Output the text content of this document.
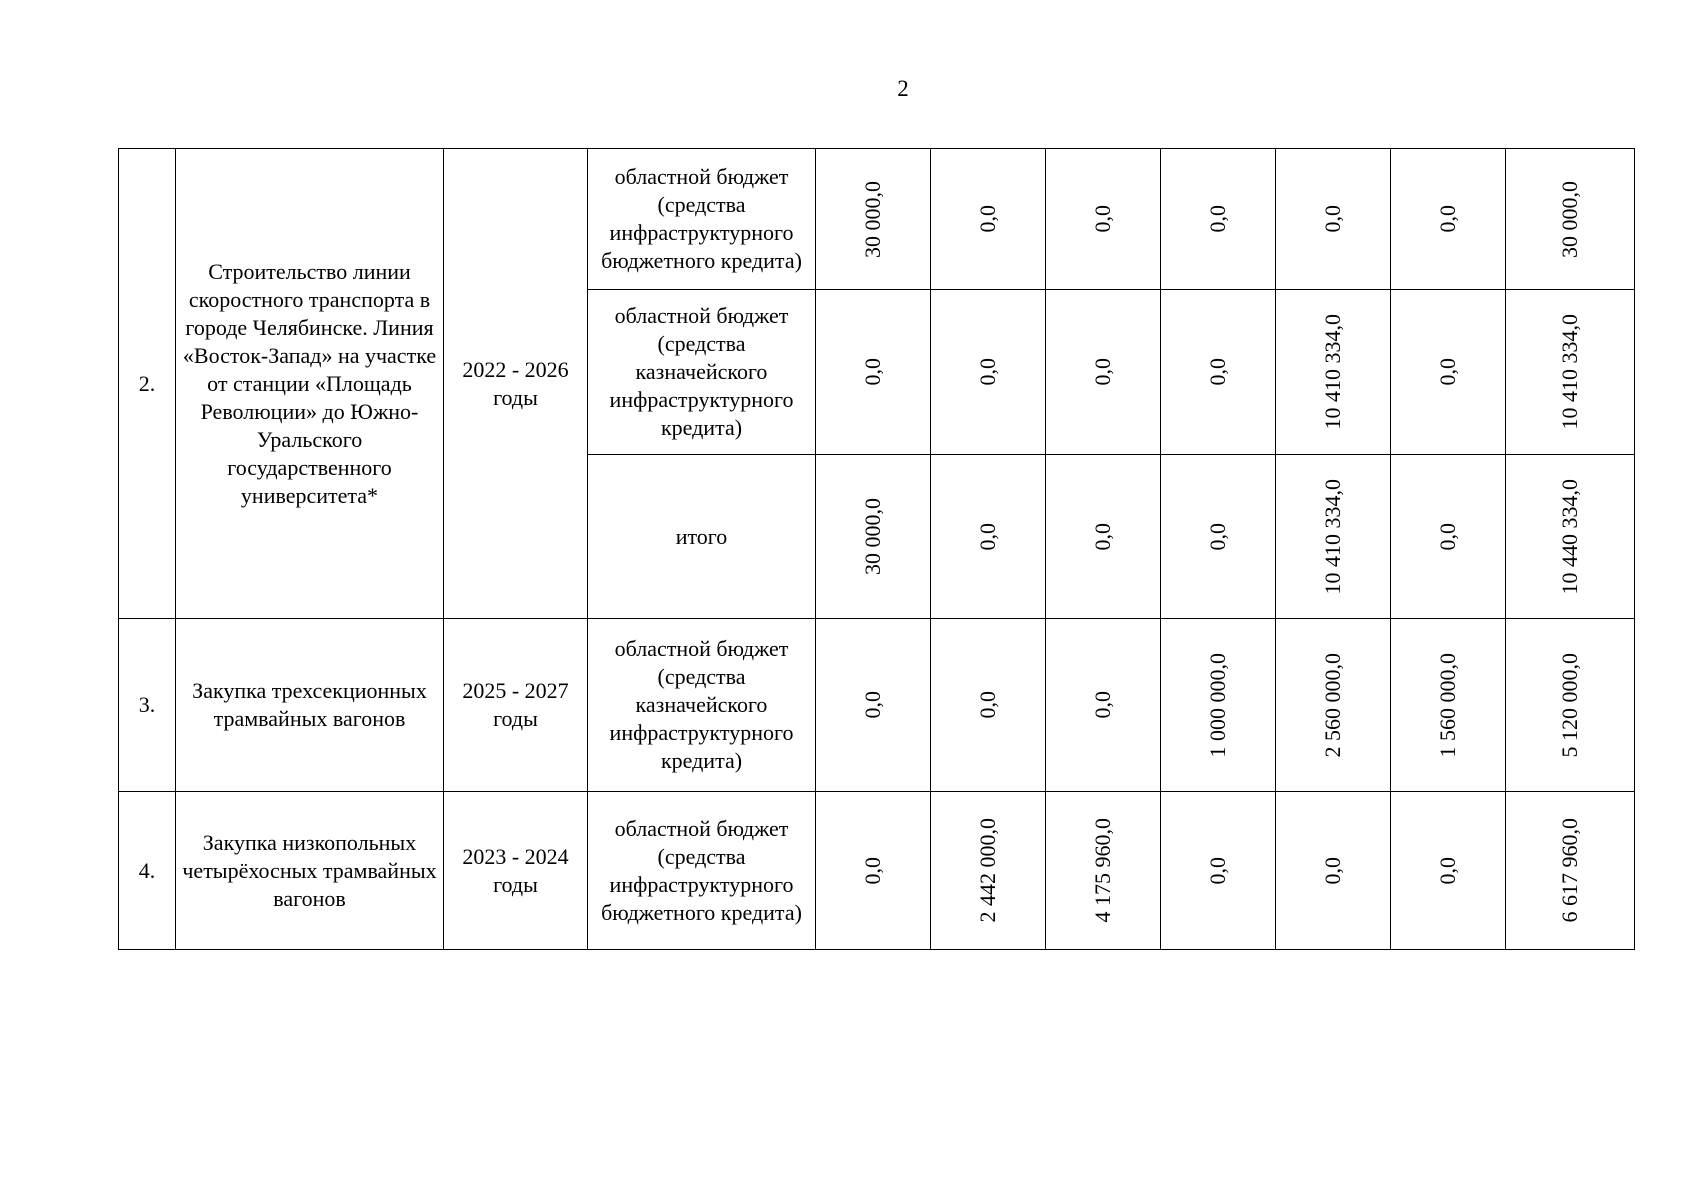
2
2.	Строительство линии скоростного транспорта в городе Челябинске. Линия «Восток-Запад» на участке от станции «Площадь Революции» до Южно-Уральского государственного университета*	2022 - 2026 годы	областной бюджет (средства инфраструктурного бюджетного кредита)	30 000,0	0,0	0,0	0,0	0,0	0,0	30 000,0

			областной бюджет (средства казначейского инфраструктурного кредита)	0,0	0,0	0,0	0,0	10 410 334,0	0,0	10 410 334,0

			итого	30 000,0	0,0	0,0	0,0	10 410 334,0	0,0	10 440 334,0

3.	Закупка трехсекционных трамвайных вагонов	2025 - 2027 годы	областной бюджет (средства казначейского инфраструктурного кредита)	0,0	0,0	0,0	1 000 000,0	2 560 000,0	1 560 000,0	5 120 000,0

4.	Закупка низкопольных четырёхосных трамвайных вагонов	2023 - 2024 годы	областной бюджет (средства инфраструктурного бюджетного кредита)	0,0	2 442 000,0	4 175 960,0	0,0	0,0	0,0	6 617 960,0
